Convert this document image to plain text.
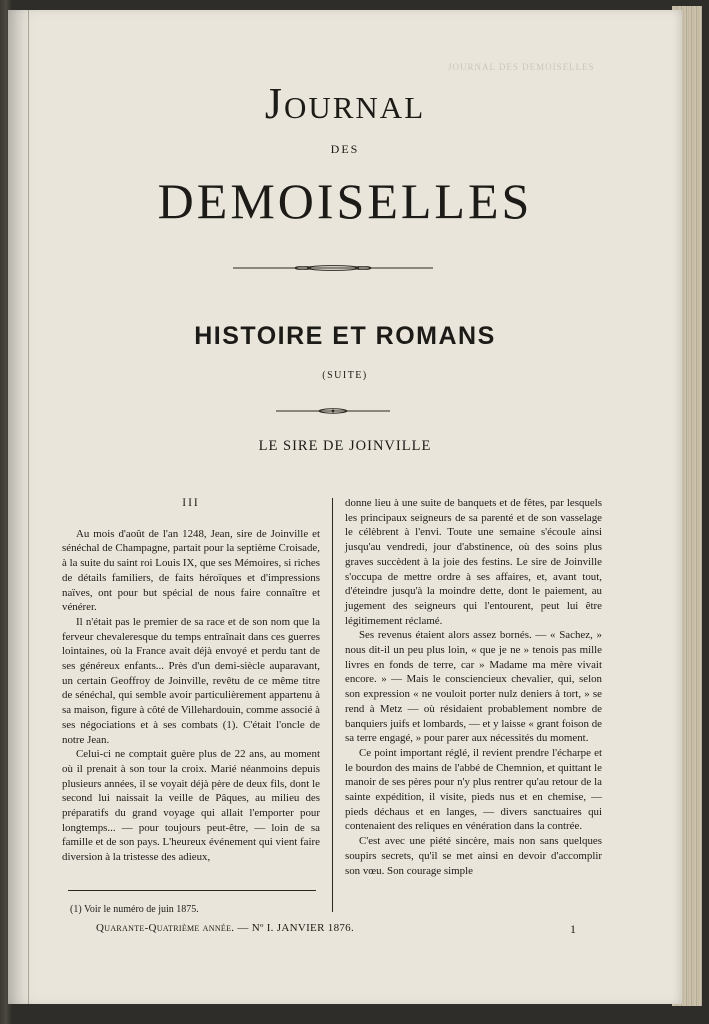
JOURNAL DES DEMOISELLES
Journal
DES
DEMOISELLES
HISTOIRE ET ROMANS
(SUITE)
LE SIRE DE JOINVILLE
III

Au mois d'août de l'an 1248, Jean, sire de Joinville et sénéchal de Champagne, partait pour la septième Croisade, à la suite du saint roi Louis IX, que ses Mémoires, si riches de détails familiers, de faits héroïques et d'impressions naïves, ont pour but spécial de nous faire connaître et vénérer.

Il n'était pas le premier de sa race et de son nom que la ferveur chevaleresque du temps entraînait dans ces guerres lointaines, où la France avait déjà envoyé et perdu tant de ses généreux enfants... Près d'un demi-siècle auparavant, un certain Geoffroy de Joinville, revêtu de ce même titre de sénéchal, qui semble avoir particulièrement appartenu à sa maison, figure à côté de Villehardouin, comme associé à ses négociations et à ses combats (1). C'était l'oncle de notre Jean.

Celui-ci ne comptait guère plus de 22 ans, au moment où il prenait à son tour la croix. Marié néanmoins depuis plusieurs années, il se voyait déjà père de deux fils, dont le second lui naissait la veille de Pâques, au milieu des préparatifs du grand voyage qui allait l'emporter pour longtemps... — pour toujours peut-être, — loin de sa famille et de son pays. L'heureux événement qui vient faire diversion à la tristesse des adieux,

donne lieu à une suite de banquets et de fêtes, par lesquels les principaux seigneurs de sa parenté et de son vasselage le célèbrent à l'envi. Toute une semaine s'écoule ainsi jusqu'au vendredi, jour d'abstinence, où des soins plus graves succèdent à la joie des festins. Le sire de Joinville s'occupa de mettre ordre à ses affaires, et, avant tout, d'éteindre jusqu'à la moindre dette, dont le paiement, au jugement des seigneurs qui l'entourent, peut lui être légitimement réclamé.

Ses revenus étaient alors assez bornés. — « Sachez, » nous dit-il un peu plus loin, « que je ne » tenois pas mille livres en fonds de terre, car » Madame ma mère vivait encore. » — Mais le consciencieux chevalier, qui, selon son expression « ne vouloit porter nulz deniers à tort, » se rend à Metz — où résidaient probablement nombre de banquiers juifs et lombards, — et y laisse « grant foison de sa terre engagé, » pour parer aux nécessités du moment.

Ce point important réglé, il revient prendre l'écharpe et le bourdon des mains de l'abbé de Chemnion, et quittant le manoir de ses pères pour n'y plus rentrer qu'au retour de la sainte expédition, il visite, pieds nus et en chemise, — pieds déchaus et en langes, — divers sanctuaires qui contenaient des reliques en vénération dans la contrée.

C'est avec une piété sincère, mais non sans quelques soupirs secrets, qu'il se met ainsi en devoir d'accomplir son vœu. Son courage simple

(1) Voir le numéro de juin 1875.
Quarante-Quatrième année. — Nº I. JANVIER 1876.	1
